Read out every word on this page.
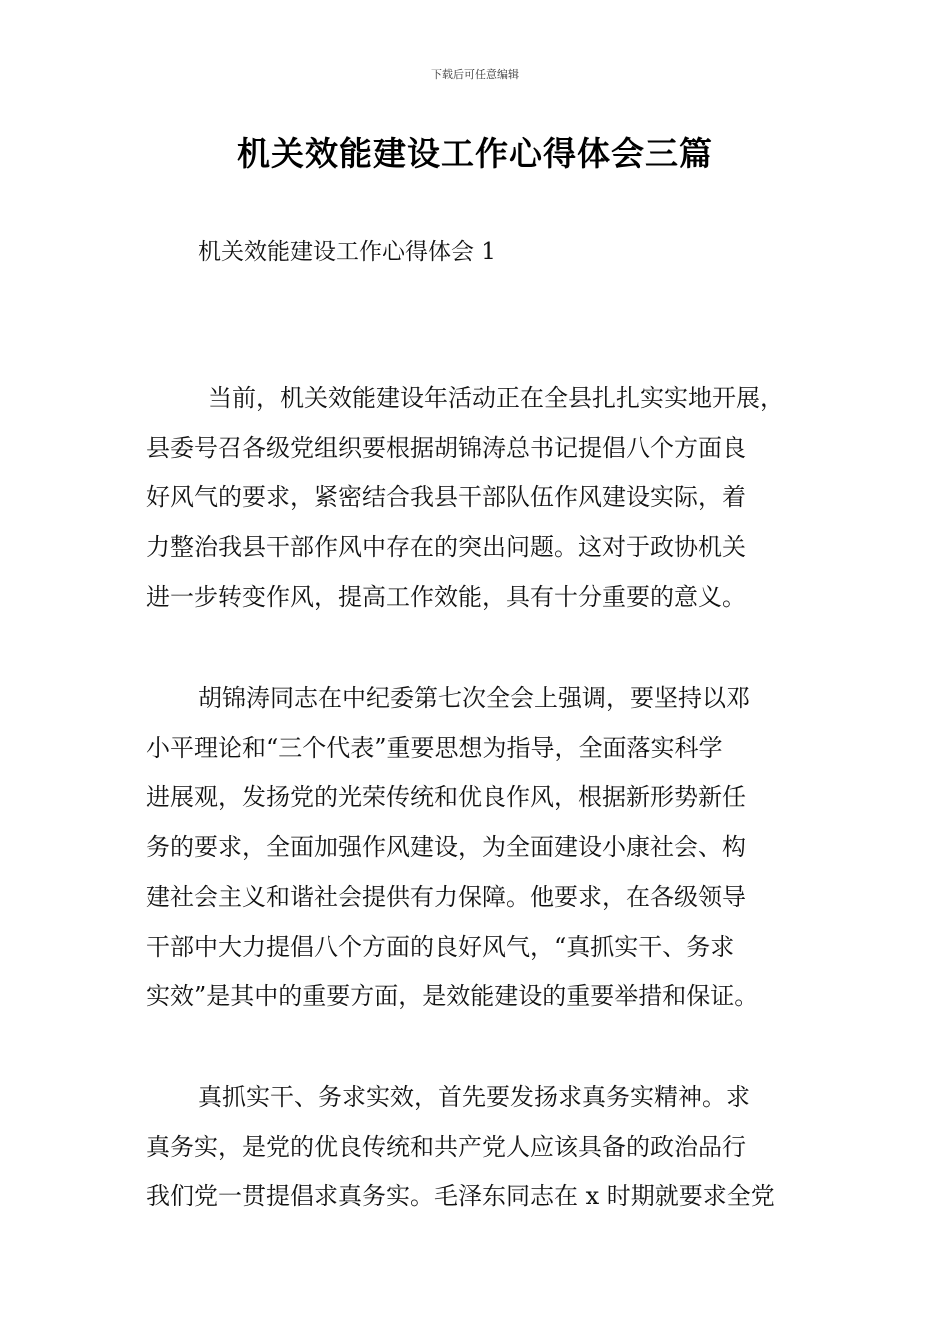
下载后可任意编辑
机关效能建设工作心得体会三篇
机关效能建设工作心得体会 1

当前，机关效能建设年活动正在全县扎扎实实地开展，
县委号召各级党组织要根据胡锦涛总书记提倡八个方面良
好风气的要求，紧密结合我县干部队伍作风建设实际，着
力整治我县干部作风中存在的突出问题。这对于政协机关
进一步转变作风，提高工作效能，具有十分重要的意义。

胡锦涛同志在中纪委第七次全会上强调，要坚持以邓
小平理论和“三个代表”重要思想为指导，全面落实科学
进展观，发扬党的光荣传统和优良作风，根据新形势新任
务的要求，全面加强作风建设，为全面建设小康社会、构
建社会主义和谐社会提供有力保障。他要求，在各级领导
干部中大力提倡八个方面的良好风气，“真抓实干、务求
实效”是其中的重要方面，是效能建设的重要举措和保证。

真抓实干、务求实效，首先要发扬求真务实精神。求
真务实，是党的优良传统和共产党人应该具备的政治品行
我们党一贯提倡求真务实。毛泽东同志在 x 时期就要求全党
